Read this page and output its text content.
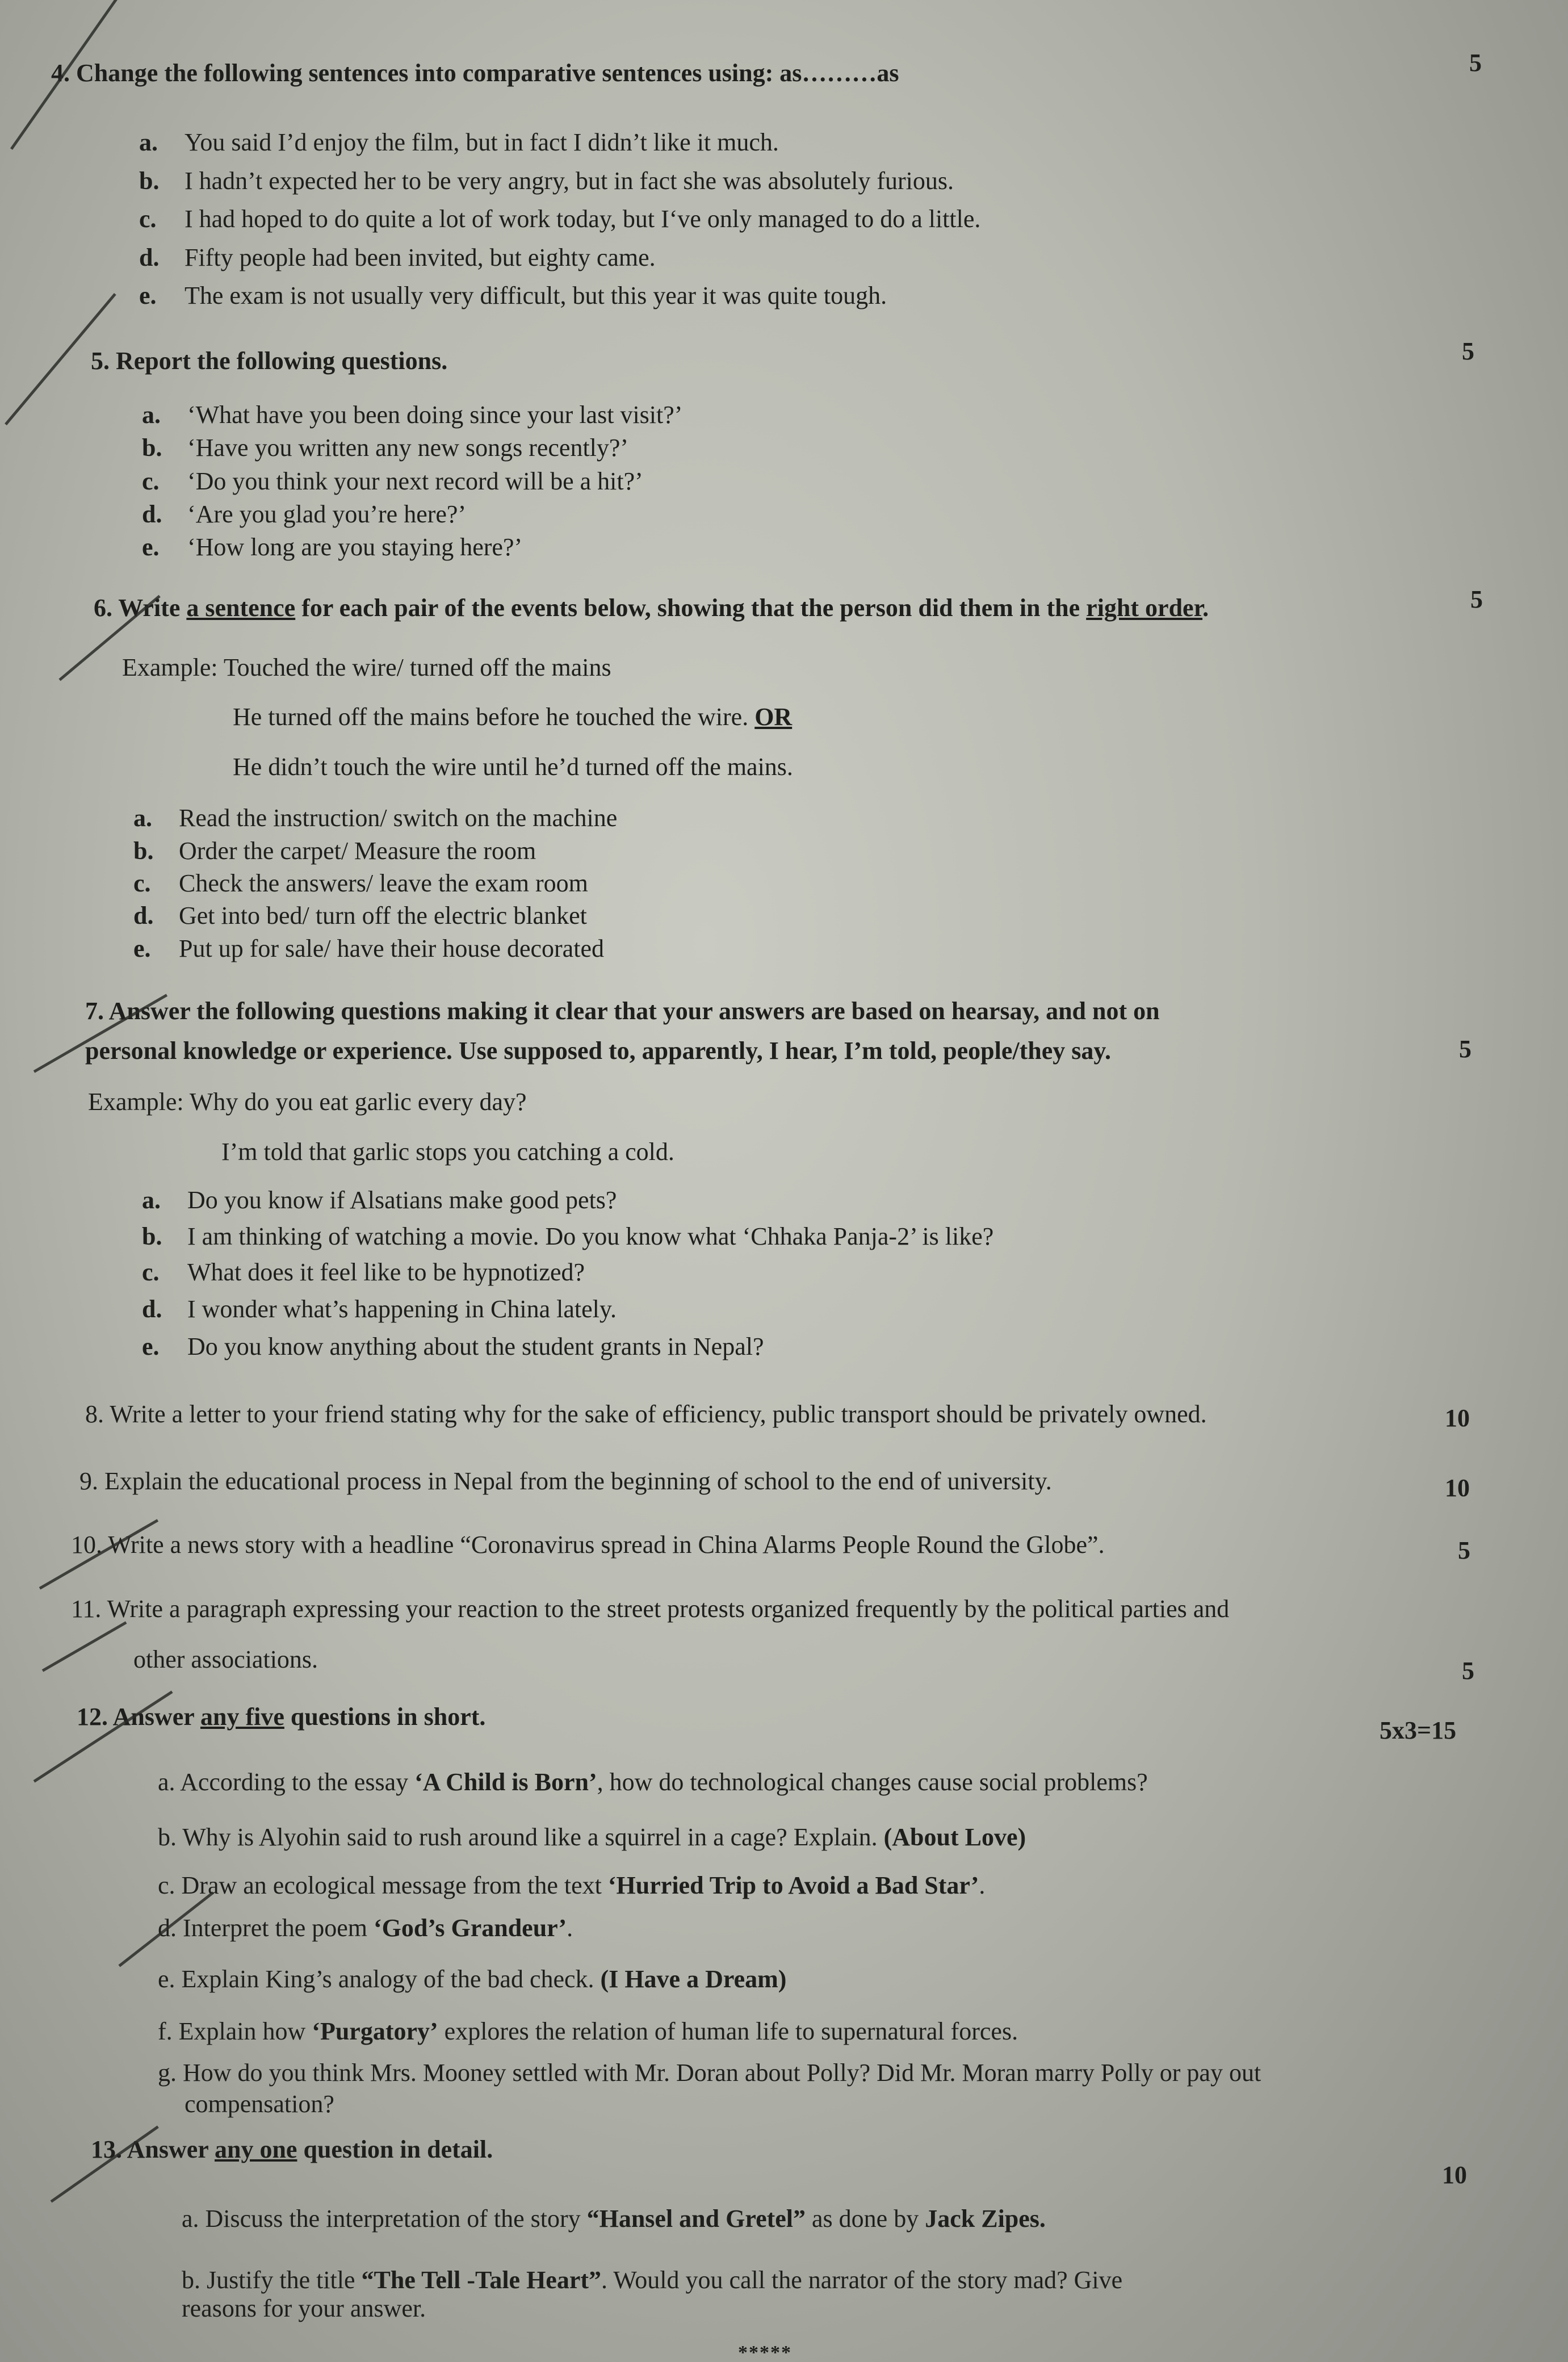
4. Change the following sentences into comparative sentences using: as………as	5
a. You said I’d enjoy the film, but in fact I didn’t like it much.
b. I hadn’t expected her to be very angry, but in fact she was absolutely furious.
c. I had hoped to do quite a lot of work today, but I‘ve only managed to do a little.
d. Fifty people had been invited, but eighty came.
e. The exam is not usually very difficult, but this year it was quite tough.
5. Report the following questions.	5
a. ‘What have you been doing since your last visit?’
b. ‘Have you written any new songs recently?’
c. ‘Do you think your next record will be a hit?’
d. ‘Are you glad you’re here?’
e. ‘How long are you staying here?’
6. Write a sentence for each pair of the events below, showing that the person did them in the right order.	5
Example: Touched the wire/ turned off the mains
He turned off the mains before he touched the wire. OR
He didn’t touch the wire until he’d turned off the mains.
a. Read the instruction/ switch on the machine
b. Order the carpet/ Measure the room
c. Check the answers/ leave the exam room
d. Get into bed/ turn off the electric blanket
e. Put up for sale/ have their house decorated
7. Answer the following questions making it clear that your answers are based on hearsay, and not on
personal knowledge or experience. Use supposed to, apparently, I hear, I’m told, people/they say.	5
Example: Why do you eat garlic every day?
I’m told that garlic stops you catching a cold.
a. Do you know if Alsatians make good pets?
b. I am thinking of watching a movie. Do you know what ‘Chhaka Panja-2’ is like?
c. What does it feel like to be hypnotized?
d. I wonder what’s happening in China lately.
e. Do you know anything about the student grants in Nepal?
8. Write a letter to your friend stating why for the sake of efficiency, public transport should be privately owned.	10
9. Explain the educational process in Nepal from the beginning of school to the end of university.	10
10. Write a news story with a headline “Coronavirus spread in China Alarms People Round the Globe”.	5
11. Write a paragraph expressing your reaction to the street protests organized frequently by the political parties and
other associations.	5
12. Answer any five questions in short.	5x3=15
a. According to the essay ‘A Child is Born’, how do technological changes cause social problems?
b. Why is Alyohin said to rush around like a squirrel in a cage? Explain. (About Love)
c. Draw an ecological message from the text ‘Hurried Trip to Avoid a Bad Star’.
d. Interpret the poem ‘God’s Grandeur’.
e. Explain King’s analogy of the bad check. (I Have a Dream)
f. Explain how ‘Purgatory’ explores the relation of human life to supernatural forces.
g. How do you think Mrs. Mooney settled with Mr. Doran about Polly? Did Mr. Moran marry Polly or pay out
compensation?
13. Answer any one question in detail.
10
a. Discuss the interpretation of the story “Hansel and Gretel” as done by Jack Zipes.
b. Justify the title “The Tell -Tale Heart”. Would you call the narrator of the story mad? Give
reasons for your answer.
*****
